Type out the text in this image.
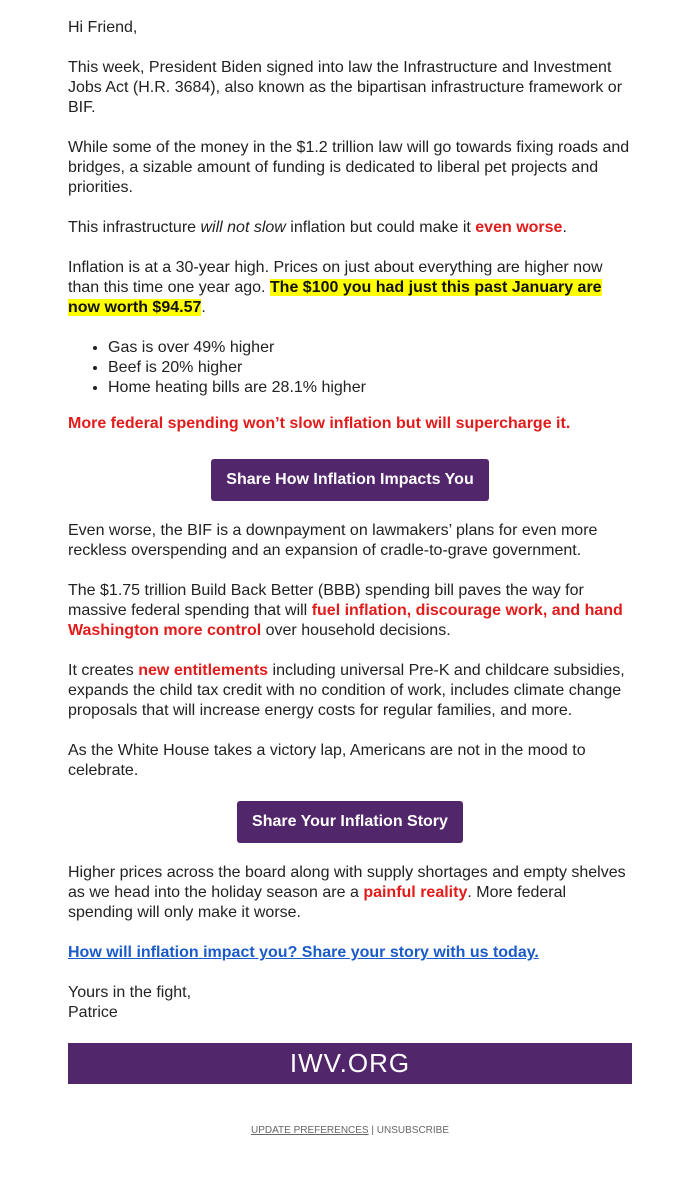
Hi Friend,

This week, President Biden signed into law the Infrastructure and Investment Jobs Act (H.R. 3684), also known as the bipartisan infrastructure framework or BIF.

While some of the money in the $1.2 trillion law will go towards fixing roads and bridges, a sizable amount of funding is dedicated to liberal pet projects and priorities.

This infrastructure will not slow inflation but could make it even worse.

Inflation is at a 30-year high. Prices on just about everything are higher now than this time one year ago. The $100 you had just this past January are now worth $94.57.

• Gas is over 49% higher
• Beef is 20% higher
• Home heating bills are 28.1% higher

More federal spending won’t slow inflation but will supercharge it.

Share How Inflation Impacts You

Even worse, the BIF is a downpayment on lawmakers’ plans for even more reckless overspending and an expansion of cradle-to-grave government.

The $1.75 trillion Build Back Better (BBB) spending bill paves the way for massive federal spending that will fuel inflation, discourage work, and hand Washington more control over household decisions.

It creates new entitlements including universal Pre-K and childcare subsidies, expands the child tax credit with no condition of work, includes climate change proposals that will increase energy costs for regular families, and more.

As the White House takes a victory lap, Americans are not in the mood to celebrate.

Share Your Inflation Story

Higher prices across the board along with supply shortages and empty shelves as we head into the holiday season are a painful reality. More federal spending will only make it worse.

How will inflation impact you? Share your story with us today.

Yours in the fight,
Patrice

IWV.ORG
UPDATE PREFERENCES | UNSUBSCRIBE
